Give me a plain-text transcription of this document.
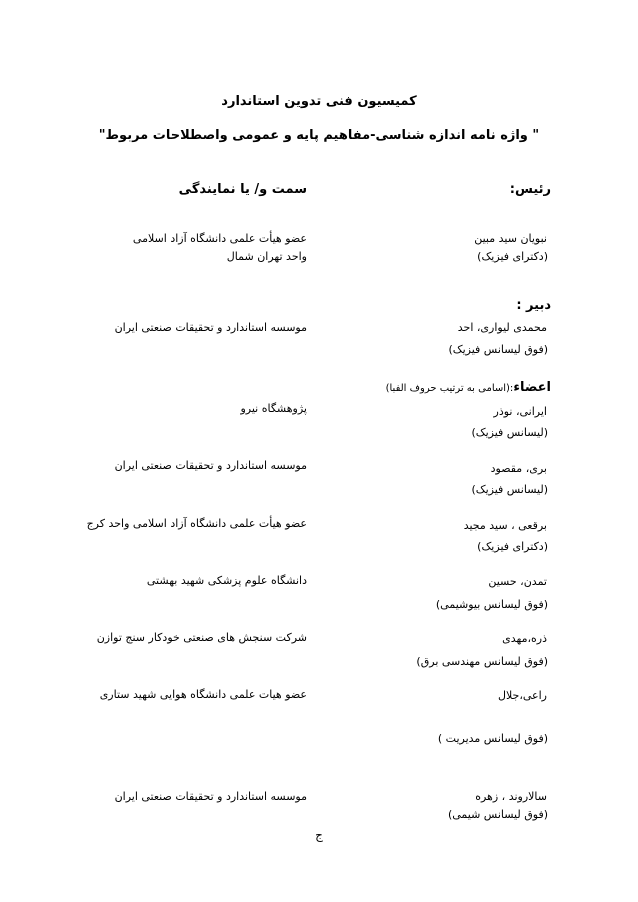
کمیسیون فنی تدوین استاندارد
" واژه نامه اندازه شناسی-مفاهیم پایه و عمومی واصطلاحات مربوط"
رئیس:
سمت و/ یا نمایندگی
نبویان سید مبین
(دکترای فیزیک)
عضو هیأت علمی دانشگاه آزاد اسلامی
واحد تهران شمال
دبیر :
محمدی لیواری، احد
(فوق لیسانس فیزیک)
موسسه استاندارد و تحقیقات صنعتی ایران
اعضاء:(اسامی به ترتیب حروف الفبا)
ایرانی، نوذر
(لیسانس فیزیک)
پژوهشگاه نیرو
بری، مقصود
(لیسانس فیزیک)
موسسه استاندارد و تحقیقات صنعتی ایران
برقعی ، سید مجید
(دکترای فیزیک)
عضو هیأت علمی دانشگاه آزاد اسلامی واحد کرج
تمدن، حسین
(فوق لیسانس بیوشیمی)
دانشگاه علوم پزشکی شهید بهشتی
ذره،مهدی
(فوق لیسانس مهندسی برق)
شرکت سنجش های صنعتی خودکار سنج توازن
راعی،جلال
(فوق لیسانس مدیریت )
عضو هیات علمی دانشگاه هوایی شهید ستاری
سالاروند ، زهره
(فوق لیسانس شیمی)
موسسه استاندارد و تحقیقات صنعتی ایران
ج
